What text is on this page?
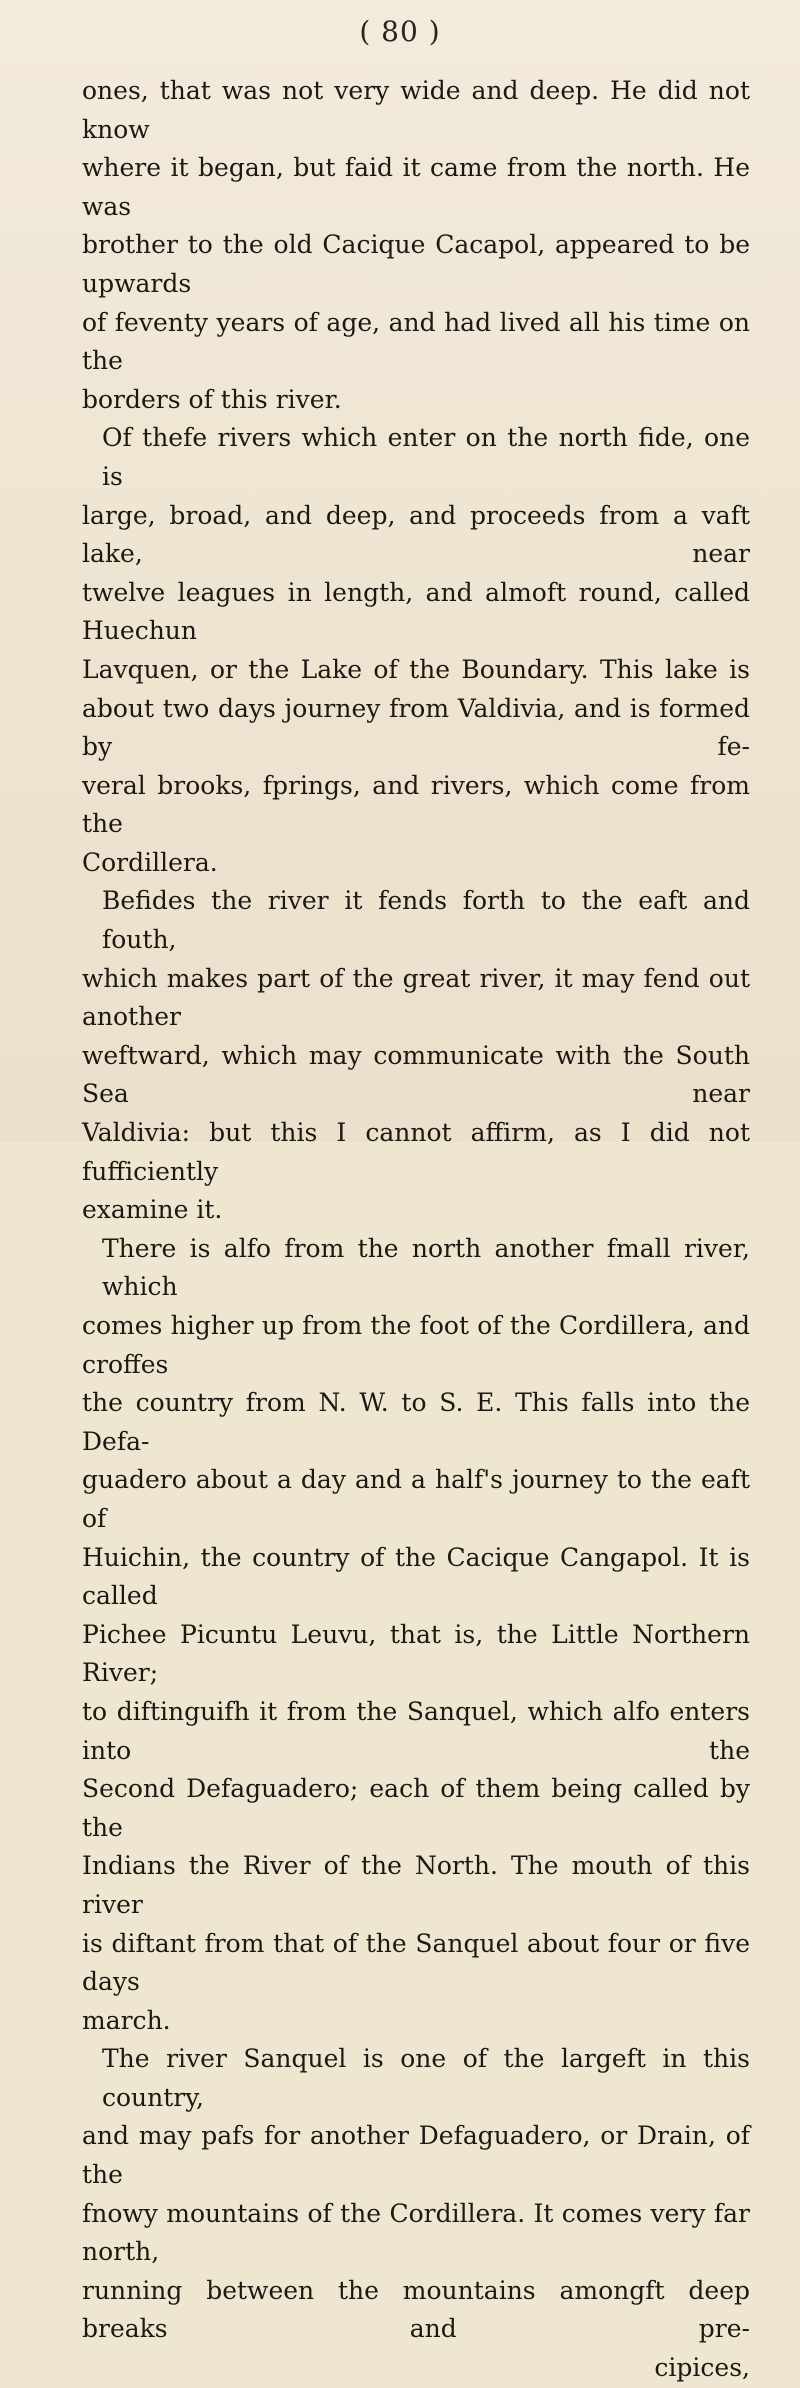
( 80 )

ones, that was not very wide and deep. He did not know

where it began, but faid it came from the north. He was

brother to the old Cacique Cacapol, appeared to be upwards

of feventy years of age, and had lived all his time on the

borders of this river.

Of thefe rivers which enter on the north fide, one is

large, broad, and deep, and proceeds from a vaft lake, near

twelve leagues in length, and almoft round, called Huechun

Lavquen, or the Lake of the Boundary. This lake is

about two days journey from Valdivia, and is formed by fe-

veral brooks, fprings, and rivers, which come from the

Cordillera.

Befides the river it fends forth to the eaft and fouth,

which makes part of the great river, it may fend out another

weftward, which may communicate with the South Sea near

Valdivia: but this I cannot affirm, as I did not fufficiently

examine it.

There is alfo from the north another fmall river, which

comes higher up from the foot of the Cordillera, and croffes

the country from N. W. to S. E. This falls into the Defa-

guadero about a day and a half's journey to the eaft of

Huichin, the country of the Cacique Cangapol. It is called

Pichee Picuntu Leuvu, that is, the Little Northern River;

to diftinguifh it from the Sanquel, which alfo enters into the

Second Defaguadero; each of them being called by the

Indians the River of the North. The mouth of this river

is diftant from that of the Sanquel about four or five days

march.

The river Sanquel is one of the largeft in this country,

and may pafs for another Defaguadero, or Drain, of the

fnowy mountains of the Cordillera. It comes very far north,

running between the mountains amongft deep breaks and pre-

cipices,
